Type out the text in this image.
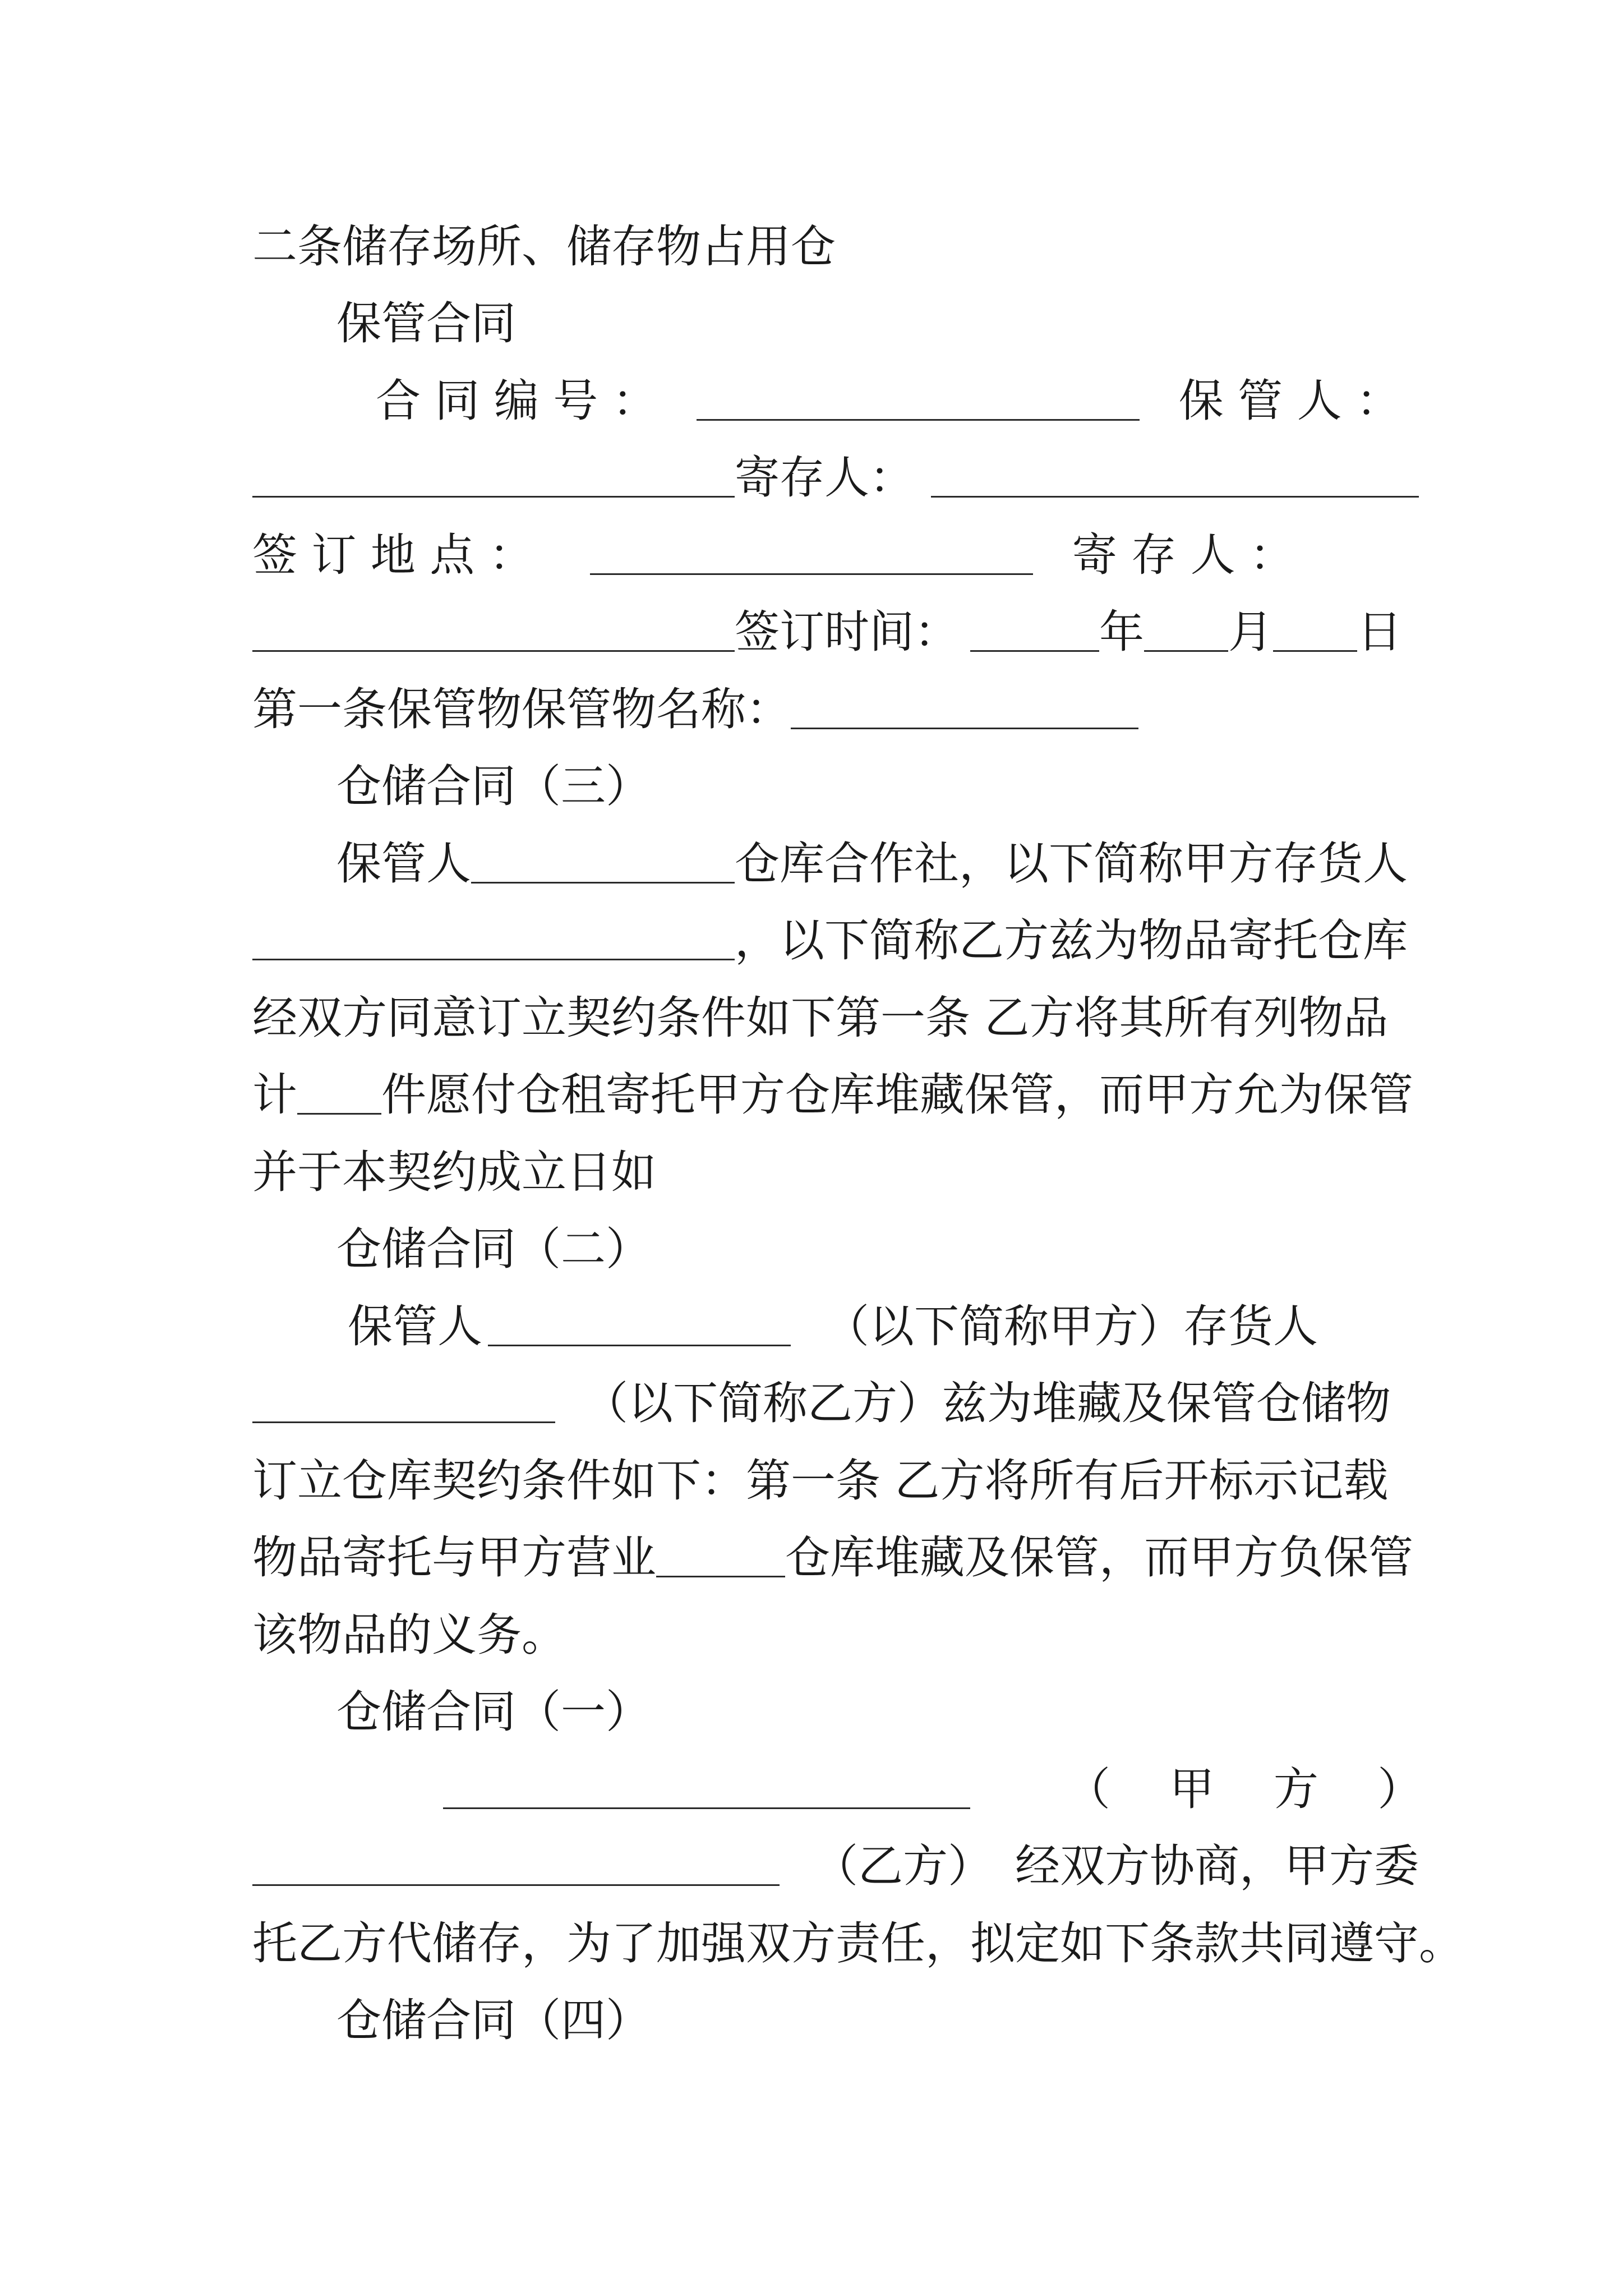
二条储存场所、储存物占用仓
保管合同
合 同 编 号 ：	保 管 人 ：
寄存人：
签 订 地 点 ：	寄 存 人 ：
签订时间：	年 月 日
第一条保管物保管物名称：
仓储合同（三）
保管人	仓库合作社，以下简称甲方存货人
，以下简称乙方兹为物品寄托仓库
经双方同意订立契约条件如下第一条 乙方将其所有列物品
计 件愿付仓租寄托甲方仓库堆藏保管，而甲方允为保管
并于本契约成立日如
仓储合同（二）
保管人	（以下简称甲方）存货人
（以下简称乙方）兹为堆藏及保管仓储物
订立仓库契约条件如下：第一条 乙方将所有后开标示记载
物品寄托与甲方营业	仓库堆藏及保管，而甲方负保管
该物品的义务。
仓储合同（一）
（ 甲 方 ）
（乙方） 经双方协商，甲方委
托乙方代储存，为了加强双方责任，拟定如下条款共同遵守。
仓储合同（四）
